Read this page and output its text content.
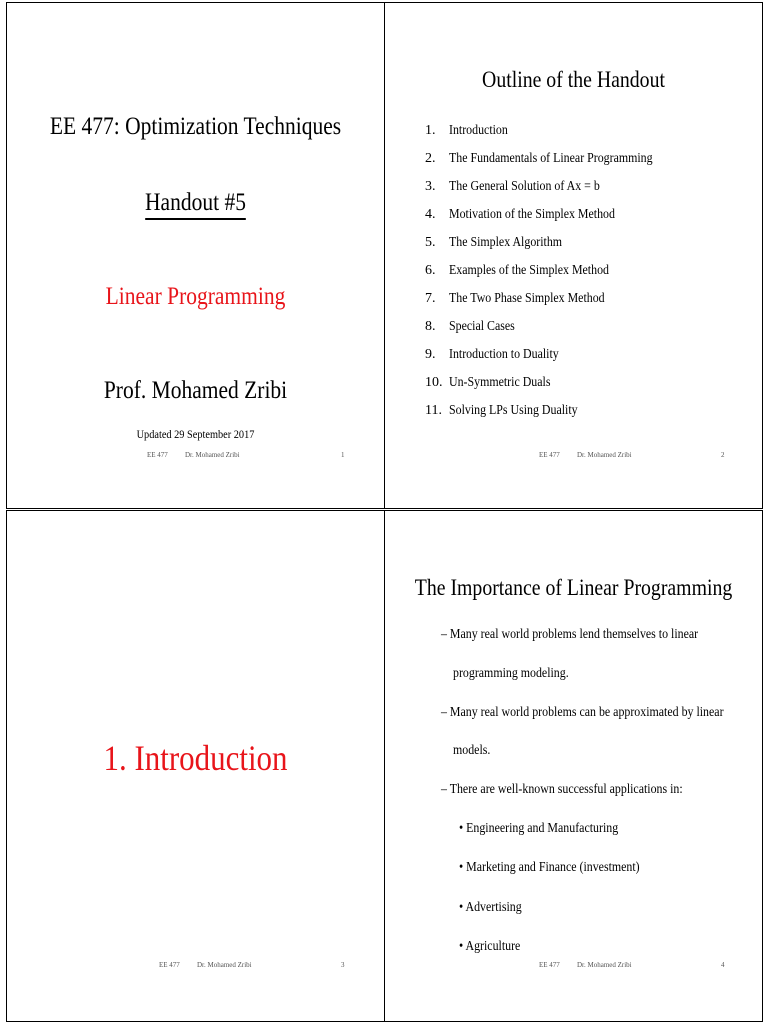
EE 477: Optimization Techniques
Handout #5
Linear Programming
Prof. Mohamed Zribi
Updated 29 September 2017
EE 477 Dr. Mohamed Zribi	1
Outline of the Handout
1. Introduction
2. The Fundamentals of Linear Programming
3. The General Solution of Ax = b
4. Motivation of the Simplex Method
5. The Simplex Algorithm
6. Examples of the Simplex Method
7. The Two Phase Simplex Method
8. Special Cases
9. Introduction to Duality
10. Un-Symmetric Duals
11. Solving LPs Using Duality
EE 477 Dr. Mohamed Zribi	2
1. Introduction
EE 477 Dr. Mohamed Zribi	3
The Importance of Linear Programming
– Many real world problems lend themselves to linear
programming modeling.
– Many real world problems can be approximated by linear
models.
– There are well-known successful applications in:
• Engineering and Manufacturing
• Marketing and Finance (investment)
• Advertising
• Agriculture
EE 477 Dr. Mohamed Zribi	4
